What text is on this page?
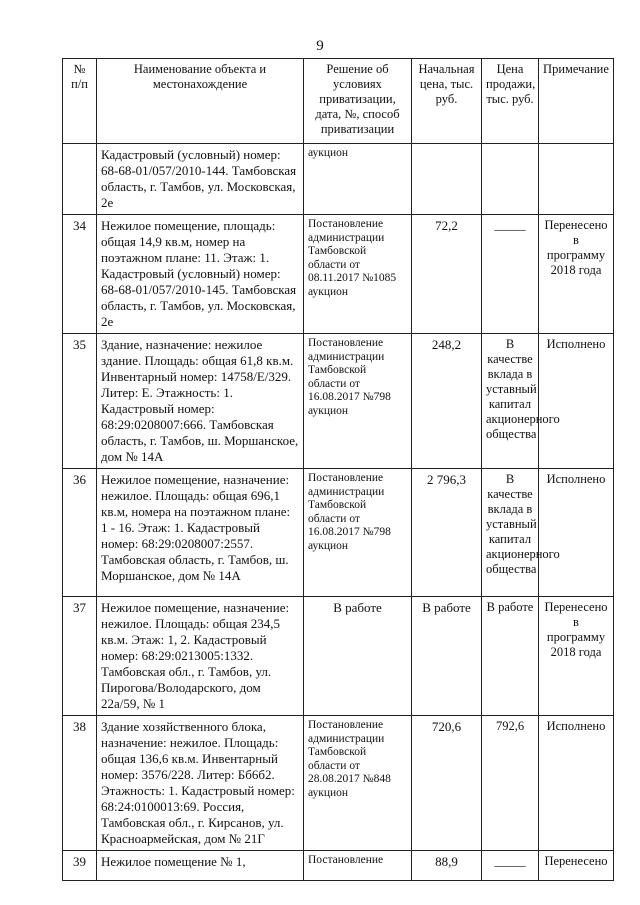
9
№
п/п	Наименование объекта и местонахождение	Решение об условиях приватизации, дата, №, способ приватизации	Начальная цена, тыс. руб.	Цена продажи, тыс. руб.	Примечание
	Кадастровый (условный) номер: 68-68-01/057/2010-144. Тамбовская область, г. Тамбов, ул. Московская, 2е	аукцион			
34	Нежилое помещение, площадь: общая 14,9 кв.м, номер на поэтажном плане: 11. Этаж: 1. Кадастровый (условный) номер: 68-68-01/057/2010-145. Тамбовская область, г. Тамбов, ул. Московская, 2е	Постановление администрации Тамбовской области от 08.11.2017 №1085 аукцион	72,2	_____	Перенесено в программу 2018 года
35	Здание, назначение: нежилое здание. Площадь: общая 61,8 кв.м. Инвентарный номер: 14758/Е/329. Литер: Е. Этажность: 1. Кадастровый номер: 68:29:0208007:666. Тамбовская область, г. Тамбов, ш. Моршанское, дом № 14А	Постановление администрации Тамбовской области от 16.08.2017 №798 аукцион	248,2	В качестве вклада в уставный капитал акционерного общества	Исполнено
36	Нежилое помещение, назначение: нежилое. Площадь: общая 696,1 кв.м, номера на поэтажном плане: 1 - 16. Этаж: 1. Кадастровый номер: 68:29:0208007:2557. Тамбовская область, г. Тамбов, ш. Моршанское, дом № 14А	Постановление администрации Тамбовской области от 16.08.2017 №798 аукцион	2 796,3	В качестве вклада в уставный капитал акционерного общества	Исполнено
37	Нежилое помещение, назначение: нежилое. Площадь: общая 234,5 кв.м. Этаж: 1, 2. Кадастровый номер: 68:29:0213005:1332. Тамбовская обл., г. Тамбов, ул. Пирогова/Володарского, дом 22а/59, № 1	В работе	В работе	В работе	Перенесено в программу 2018 года
38	Здание хозяйственного блока, назначение: нежилое. Площадь: общая 136,6 кв.м. Инвентарный номер: 3576/228. Литер: Бб6б2. Этажность: 1. Кадастровый номер: 68:24:0100013:69. Россия, Тамбовская обл., г. Кирсанов, ул. Красноармейская, дом № 21Г	Постановление администрации Тамбовской области от 28.08.2017 №848 аукцион	720,6	792,6	Исполнено
39	Нежилое помещение № 1,	Постановление	88,9	_____	Перенесено
